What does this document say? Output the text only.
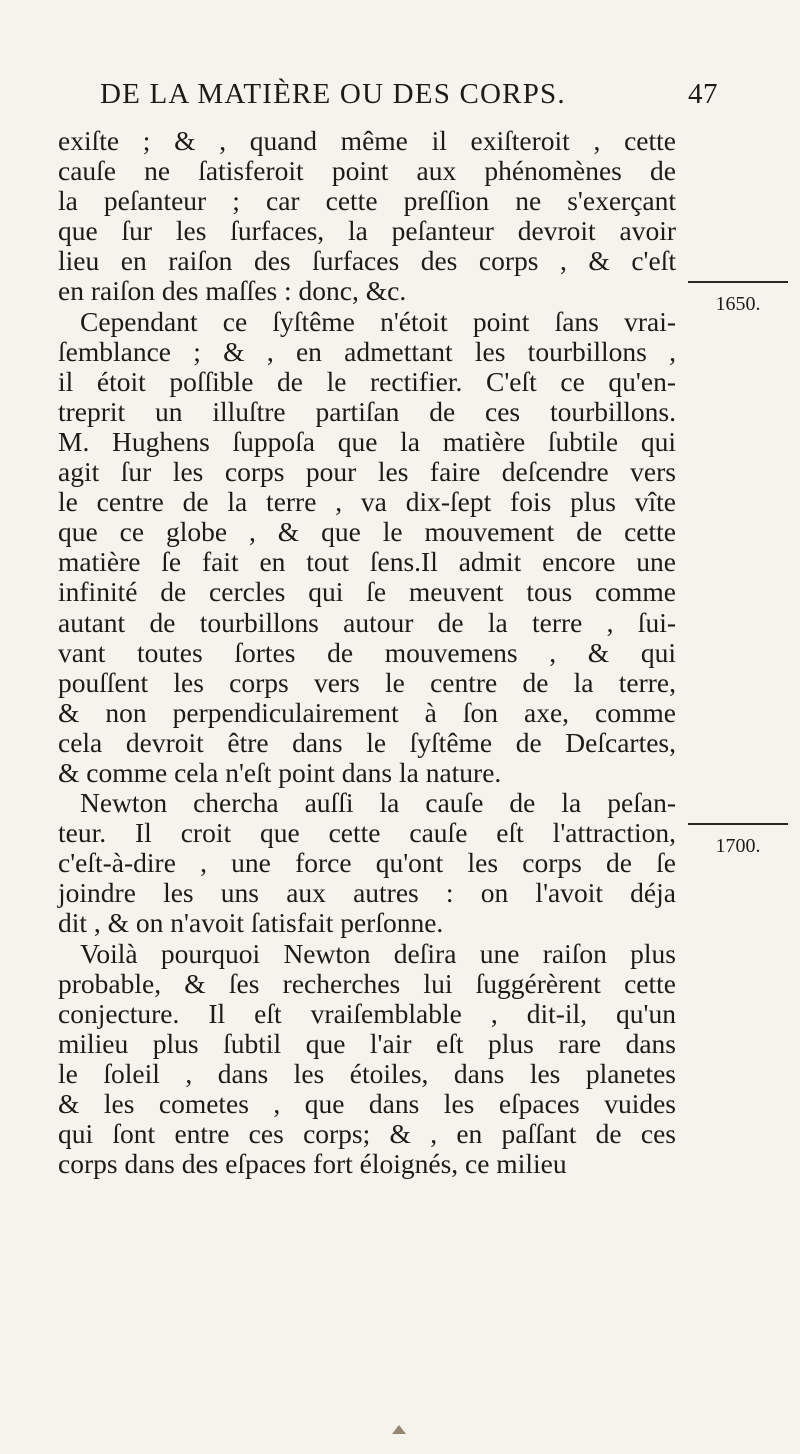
DE LA MATIÈRE OU DES CORPS.	47
exiſte ; & , quand même il exiſteroit , cette
cauſe ne ſatisferoit point aux phénomènes de
la peſanteur ; car cette preſſion ne s'exerçant
que ſur les ſurfaces, la peſanteur devroit avoir
lieu en raiſon des ſurfaces des corps , & c'eſt
en raiſon des maſſes : donc, &c.
Cependant ce ſyſtême n'étoit point ſans vrai-
ſemblance ; & , en admettant les tourbillons ,
il étoit poſſible de le rectifier. C'eſt ce qu'en-
treprit un illuſtre partiſan de ces tourbillons.
M. Hughens ſuppoſa que la matière ſubtile qui
agit ſur les corps pour les faire deſcendre vers
le centre de la terre , va dix-ſept fois plus vîte
que ce globe , & que le mouvement de cette
matière ſe fait en tout ſens.Il admit encore une
infinité de cercles qui ſe meuvent tous comme
autant de tourbillons autour de la terre , ſui-
vant toutes ſortes de mouvemens , & qui
pouſſent les corps vers le centre de la terre,
& non perpendiculairement à ſon axe, comme
cela devroit être dans le ſyſtême de Deſcartes,
& comme cela n'eſt point dans la nature.
Newton chercha auſſi la cauſe de la peſan-
teur. Il croit que cette cauſe eſt l'attraction,
c'eſt-à-dire , une force qu'ont les corps de ſe
joindre les uns aux autres : on l'avoit déja
dit , & on n'avoit ſatisfait perſonne.
Voilà pourquoi Newton deſira une raiſon plus
probable, & ſes recherches lui ſuggérèrent cette
conjecture. Il eſt vraiſemblable , dit-il, qu'un
milieu plus ſubtil que l'air eſt plus rare dans
le ſoleil , dans les étoiles, dans les planetes
& les cometes , que dans les eſpaces vuides
qui ſont entre ces corps; & , en paſſant de ces
corps dans des eſpaces fort éloignés, ce milieu
1650.
1700.
